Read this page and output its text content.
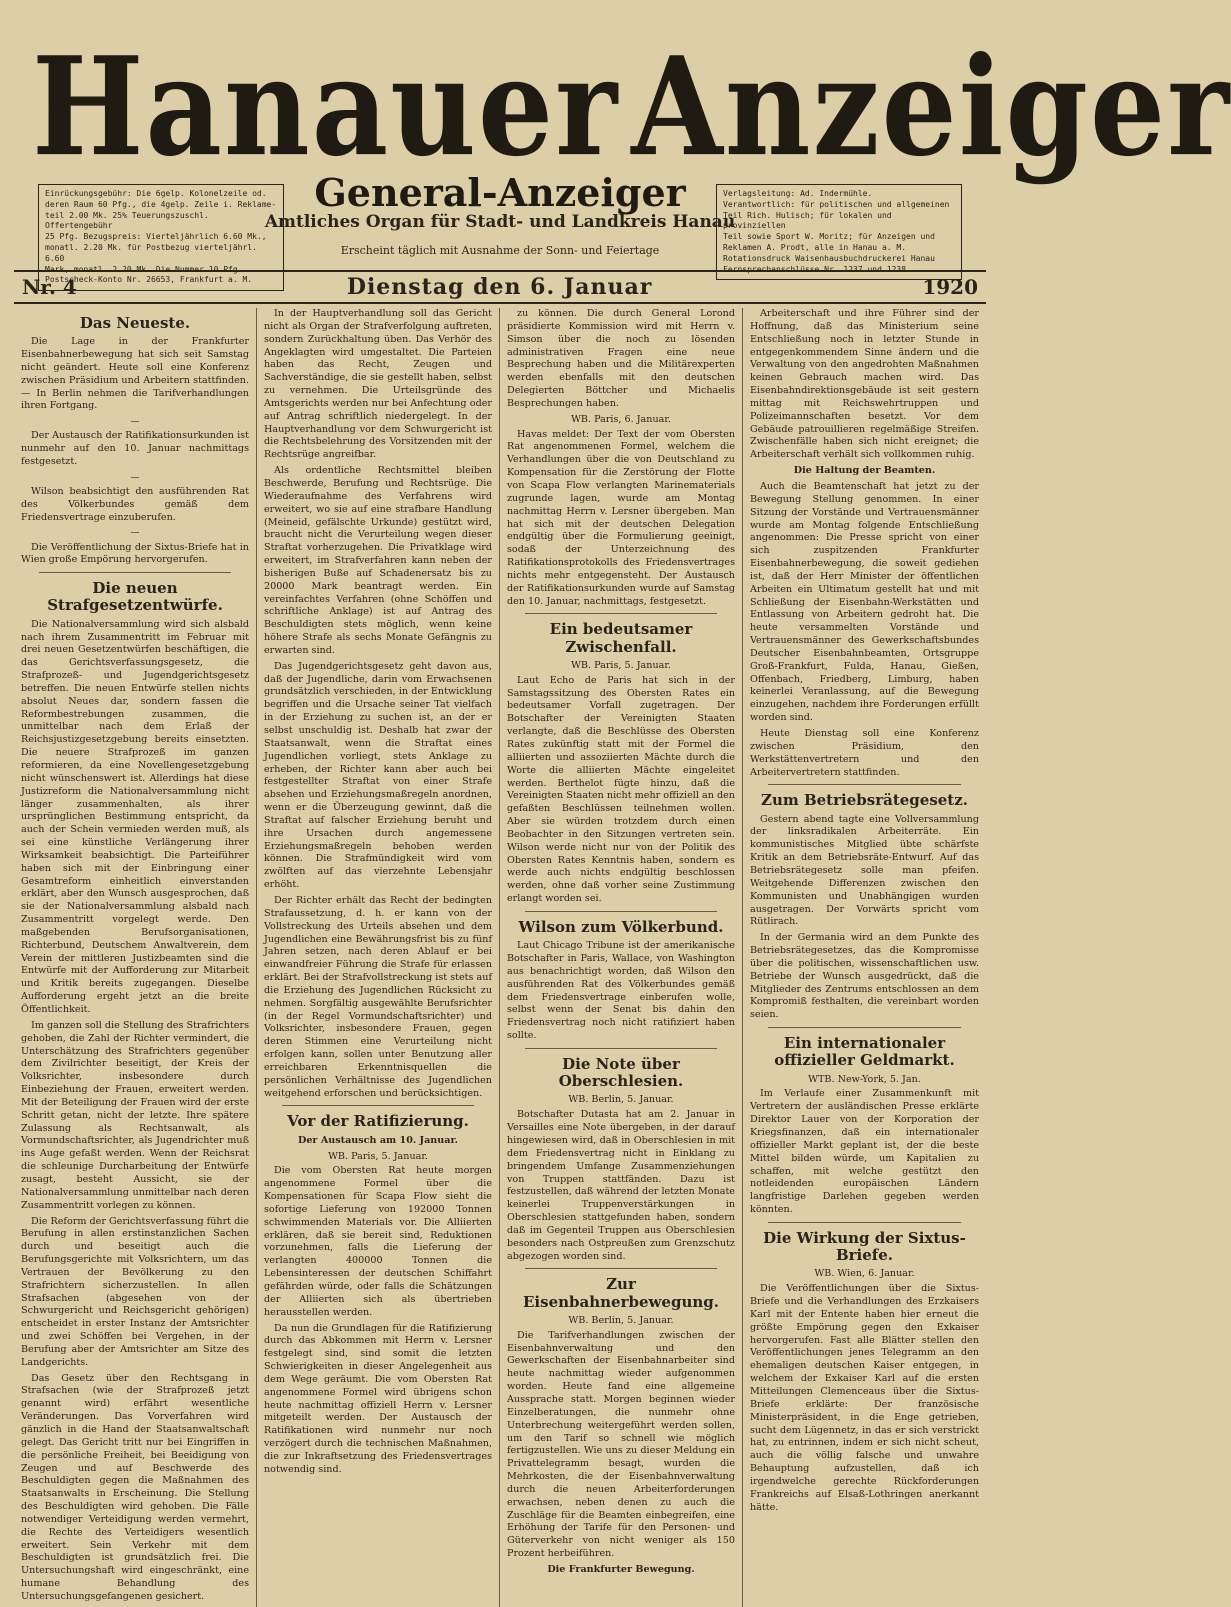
Hanauer Anzeiger
Einrückungsgebühr: Die 6gelp. Kolonelzeile od.
deren Raum 60 Pfg., die 4gelp. Zeile i. Reklame-
teil 2.00 Mk. 25% Teuerungszuschl. Offertengebühr
25 Pfg. Bezugspreis: Vierteljährlich 6.60 Mk.,
monatl. 2.20 Mk. für Postbezug vierteljährl. 6.60
Mark, monatl. 2.20 Mk. Die Nummer 10 Pfg.
Postscheck-Konto Nr. 26653, Frankfurt a. M.
General-Anzeiger
Amtliches Organ für Stadt- und Landkreis Hanau
Erscheint täglich mit Ausnahme der Sonn- und Feiertage
Verlagsleitung: Ad. Indermühle.
Verantwortlich: für politischen und allgemeinen
Teil Rich. Hulisch; für lokalen und provinziellen
Teil sowie Sport W. Moritz; für Anzeigen und
Reklamen A. Prodt, alle in Hanau a. M.
Rotationsdruck Waisenhausbuchdruckerei Hanau
Fernsprechanschlüsse Nr. 1237 und 1238
Nr. 4	Dienstag den 6. Januar	1920
Das Neueste.

Die Lage in der Frankfurter Eisenbahnerbewegung hat sich seit Samstag nicht geändert. Heute soll eine Konferenz zwischen Präsidium und Arbeitern stattfinden. — In Berlin nehmen die Tarifverhandlungen ihren Fortgang.

—

Der Austausch der Ratifikationsurkunden ist nunmehr auf den 10. Januar nachmittags festgesetzt.

—

Wilson beabsichtigt den ausführenden Rat des Völkerbundes gemäß dem Friedensvertrage einzuberufen.

—

Die Veröffentlichung der Sixtus-Briefe hat in Wien große Empörung hervorgerufen.

Die neuen Strafgesetzentwürfe.

Die Nationalversammlung wird sich alsbald nach ihrem Zusammentritt im Februar mit drei neuen Gesetzentwürfen beschäftigen, die das Gerichtsverfassungsgesetz, die Strafprozeß- und Jugendgerichtsgesetz betreffen. Die neuen Entwürfe stellen nichts absolut Neues dar, sondern fassen die Reformbestrebungen zusammen, die unmittelbar nach dem Erlaß der Reichsjustizgesetzgebung bereits einsetzten. Die neuere Strafprozeß im ganzen reformieren, da eine Novellengesetzgebung nicht wünschenswert ist. Allerdings hat diese Justizreform die Nationalversammlung nicht länger zusammenhalten, als ihrer ursprünglichen Bestimmung entspricht, da auch der Schein vermieden werden muß, als sei eine künstliche Verlängerung ihrer Wirksamkeit beabsichtigt. Die Parteiführer haben sich mit der Einbringung einer Gesamtreform einheitlich einverstanden erklärt, aber den Wunsch ausgesprochen, daß sie der Nationalversammlung alsbald nach Zusammentritt vorgelegt werde. Den maßgebenden Berufsorganisationen, Richterbund, Deutschem Anwaltverein, dem Verein der mittleren Justizbeamten sind die Entwürfe mit der Aufforderung zur Mitarbeit und Kritik bereits zugegangen. Dieselbe Aufforderung ergeht jetzt an die breite Öffentlichkeit.

Im ganzen soll die Stellung des Strafrichters gehoben, die Zahl der Richter vermindert, die Unterschätzung des Strafrichters gegenüber dem Zivilrichter beseitigt, der Kreis der Volksrichter, insbesondere durch Einbeziehung der Frauen, erweitert werden. Mit der Beteiligung der Frauen wird der erste Schritt getan, nicht der letzte. Ihre spätere Zulassung als Rechtsanwalt, als Vormundschaftsrichter, als Jugendrichter muß ins Auge gefaßt werden. Wenn der Reichsrat die schleunige Durcharbeitung der Entwürfe zusagt, besteht Aussicht, sie der Nationalversammlung unmittelbar nach deren Zusammentritt vorlegen zu können.

Die Reform der Gerichtsverfassung führt die Berufung in allen erstinstanzlichen Sachen durch und beseitigt auch die Berufungsgerichte mit Volksrichtern, um das Vertrauen der Bevölkerung zu den Strafrichtern sicherzustellen. In allen Strafsachen (abgesehen von der Schwurgericht und Reichsgericht gehörigen) entscheidet in erster Instanz der Amtsrichter und zwei Schöffen bei Vergehen, in der Berufung aber der Amtsrichter am Sitze des Landgerichts.

Das Gesetz über den Rechtsgang in Strafsachen (wie der Strafprozeß jetzt genannt wird) erfährt wesentliche Veränderungen. Das Vorverfahren wird gänzlich in die Hand der Staatsanwaltschaft gelegt. Das Gericht tritt nur bei Eingriffen in die persönliche Freiheit, bei Beeidigung von Zeugen und auf Beschwerde des Beschuldigten gegen die Maßnahmen des Staatsanwalts in Erscheinung. Die Stellung des Beschuldigten wird gehoben. Die Fälle notwendiger Verteidigung werden vermehrt, die Rechte des Verteidigers wesentlich erweitert. Sein Verkehr mit dem Beschuldigten ist grundsätzlich frei. Die Untersuchungshaft wird eingeschränkt, eine humane Behandlung des Untersuchungsgefangenen gesichert.

In der Hauptverhandlung soll das Gericht nicht als Organ der Strafverfolgung auftreten, sondern Zurückhaltung üben. Das Verhör des Angeklagten wird umgestaltet. Die Parteien haben das Recht, Zeugen und Sachverständige, die sie gestellt haben, selbst zu vernehmen. Die Urteilsgründe des Amtsgerichts werden nur bei Anfechtung oder auf Antrag schriftlich niedergelegt. In der Hauptverhandlung vor dem Schwurgericht ist die Rechtsbelehrung des Vorsitzenden mit der Rechtsrüge angreifbar.

Als ordentliche Rechtsmittel bleiben Beschwerde, Berufung und Rechtsrüge. Die Wiederaufnahme des Verfahrens wird erweitert, wo sie auf eine strafbare Handlung (Meineid, gefälschte Urkunde) gestützt wird, braucht nicht die Verurteilung wegen dieser Straftat vorherzugehen. Die Privatklage wird erweitert, im Strafverfahren kann neben der bisherigen Buße auf Schadenersatz bis zu 20000 Mark beantragt werden. Ein vereinfachtes Verfahren (ohne Schöffen und schriftliche Anklage) ist auf Antrag des Beschuldigten stets möglich, wenn keine höhere Strafe als sechs Monate Gefängnis zu erwarten sind.

Das Jugendgerichtsgesetz geht davon aus, daß der Jugendliche, darin vom Erwachsenen grundsätzlich verschieden, in der Entwicklung begriffen und die Ursache seiner Tat vielfach in der Erziehung zu suchen ist, an der er selbst unschuldig ist. Deshalb hat zwar der Staatsanwalt, wenn die Straftat eines Jugendlichen vorliegt, stets Anklage zu erheben, der Richter kann aber auch bei festgestellter Straftat von einer Strafe absehen und Erziehungsmaßregeln anordnen, wenn er die Überzeugung gewinnt, daß die Straftat auf falscher Erziehung beruht und ihre Ursachen durch angemessene Erziehungsmaßregeln behoben werden können. Die Strafmündigkeit wird vom zwölften auf das vierzehnte Lebensjahr erhöht.

Der Richter erhält das Recht der bedingten Strafaussetzung, d. h. er kann von der Vollstreckung des Urteils absehen und dem Jugendlichen eine Bewährungsfrist bis zu fünf Jahren setzen, nach deren Ablauf er bei einwandfreier Führung die Strafe für erlassen erklärt. Bei der Strafvollstreckung ist stets auf die Erziehung des Jugendlichen Rücksicht zu nehmen. Sorgfältig ausgewählte Berufsrichter (in der Regel Vormundschaftsrichter) und Volksrichter, insbesondere Frauen, gegen deren Stimmen eine Verurteilung nicht erfolgen kann, sollen unter Benutzung aller erreichbaren Erkenntnisquellen die persönlichen Verhältnisse des Jugendlichen weitgehend erforschen und berücksichtigen.

Vor der Ratifizierung.
Der Austausch am 10. Januar.
WB. Paris, 5. Januar.

Die vom Obersten Rat heute morgen angenommene Formel über die Kompensationen für Scapa Flow sieht die sofortige Lieferung von 192000 Tonnen schwimmenden Materials vor. Die Alliierten erklären, daß sie bereit sind, Reduktionen vorzunehmen, falls die Lieferung der verlangten 400000 Tonnen die Lebensinteressen der deutschen Schiffahrt gefährden würde, oder falls die Schätzungen der Alliierten sich als übertrieben herausstellen werden.

Da nun die Grundlagen für die Ratifizierung durch das Abkommen mit Herrn v. Lersner festgelegt sind, sind somit die letzten Schwierigkeiten in dieser Angelegenheit aus dem Wege geräumt. Die vom Obersten Rat angenommene Formel wird übrigens schon heute nachmittag offiziell Herrn v. Lersner mitgeteilt werden. Der Austausch der Ratifikationen wird nunmehr nur noch verzögert durch die technischen Maßnahmen, die zur Inkraftsetzung des Friedensvertrages notwendig sind.

zu können. Die durch General Lorond präsidierte Kommission wird mit Herrn v. Simson über die noch zu lösenden administrativen Fragen eine neue Besprechung haben und die Militärexperten werden ebenfalls mit den deutschen Delegierten Böttcher und Michaelis Besprechungen haben.

WB. Paris, 6. Januar.

Havas meldet: Der Text der vom Obersten Rat angenommenen Formel, welchem die Verhandlungen über die von Deutschland zu Kompensation für die Zerstörung der Flotte von Scapa Flow verlangten Marinematerials zugrunde lagen, wurde am Montag nachmittag Herrn v. Lersner übergeben. Man hat sich mit der deutschen Delegation endgültig über die Formulierung geeinigt, sodaß der Unterzeichnung des Ratifikationsprotokolls des Friedensvertrages nichts mehr entgegensteht. Der Austausch der Ratifikationsurkunden wurde auf Samstag den 10. Januar, nachmittags, festgesetzt.

Ein bedeutsamer Zwischenfall.
WB. Paris, 5. Januar.

Laut Echo de Paris hat sich in der Samstagssitzung des Obersten Rates ein bedeutsamer Vorfall zugetragen. Der Botschafter der Vereinigten Staaten verlangte, daß die Beschlüsse des Obersten Rates zukünftig statt mit der Formel die alliierten und assoziierten Mächte durch die Worte die alliierten Mächte eingeleitet werden. Berthelot fügte hinzu, daß die Vereinigten Staaten nicht mehr offiziell an den gefaßten Beschlüssen teilnehmen wollen. Aber sie würden trotzdem durch einen Beobachter in den Sitzungen vertreten sein. Wilson werde nicht nur von der Politik des Obersten Rates Kenntnis haben, sondern es werde auch nichts endgültig beschlossen werden, ohne daß vorher seine Zustimmung erlangt worden sei.

Wilson zum Völkerbund.

Laut Chicago Tribune ist der amerikanische Botschafter in Paris, Wallace, von Washington aus benachrichtigt worden, daß Wilson den ausführenden Rat des Völkerbundes gemäß dem Friedensvertrage einberufen wolle, selbst wenn der Senat bis dahin den Friedensvertrag noch nicht ratifiziert haben sollte.

Die Note über Oberschlesien.
WB. Berlin, 5. Januar.

Botschafter Dutasta hat am 2. Januar in Versailles eine Note übergeben, in der darauf hingewiesen wird, daß in Oberschlesien in mit dem Friedensvertrag nicht in Einklang zu bringendem Umfange Zusammenziehungen von Truppen stattfänden. Dazu ist festzustellen, daß während der letzten Monate keinerlei Truppenverstärkungen in Oberschlesien stattgefunden haben, sondern daß im Gegenteil Truppen aus Oberschlesien besonders nach Ostpreußen zum Grenzschutz abgezogen worden sind.

Zur Eisenbahnerbewegung.
WB. Berlin, 5. Januar.

Die Tarifverhandlungen zwischen der Eisenbahnverwaltung und den Gewerkschaften der Eisenbahnarbeiter sind heute nachmittag wieder aufgenommen worden. Heute fand eine allgemeine Aussprache statt. Morgen beginnen wieder Einzelberatungen, die nunmehr ohne Unterbrechung weitergeführt werden sollen, um den Tarif so schnell wie möglich fertigzustellen. Wie uns zu dieser Meldung ein Privattelegramm besagt, wurden die Mehrkosten, die der Eisenbahnverwaltung durch die neuen Arbeiterforderungen erwachsen, neben denen zu auch die Zuschläge für die Beamten einbegreifen, eine Erhöhung der Tarife für den Personen- und Güterverkehr von nicht weniger als 150 Prozent herbeiführen.

Die Frankfurter Bewegung.

Arbeiterschaft und ihre Führer sind der Hoffnung, daß das Ministerium seine Entschließung noch in letzter Stunde in entgegenkommendem Sinne ändern und die Verwaltung von den angedrohten Maßnahmen keinen Gebrauch machen wird. Das Eisenbahndirektionsgebäude ist seit gestern mittag mit Reichswehrtruppen und Polizeimannschaften besetzt. Vor dem Gebäude patrouillieren regelmäßige Streifen. Zwischenfälle haben sich nicht ereignet; die Arbeiterschaft verhält sich vollkommen ruhig.

Die Haltung der Beamten.

Auch die Beamtenschaft hat jetzt zu der Bewegung Stellung genommen. In einer Sitzung der Vorstände und Vertrauensmänner wurde am Montag folgende Entschließung angenommen: Die Presse spricht von einer sich zuspitzenden Frankfurter Eisenbahnerbewegung, die soweit gediehen ist, daß der Herr Minister der öffentlichen Arbeiten ein Ultimatum gestellt hat und mit Schließung der Eisenbahn-Werkstätten und Entlassung von Arbeitern gedroht hat. Die heute versammelten Vorstände und Vertrauensmänner des Gewerkschaftsbundes Deutscher Eisenbahnbeamten, Ortsgruppe Groß-Frankfurt, Fulda, Hanau, Gießen, Offenbach, Friedberg, Limburg, haben keinerlei Veranlassung, auf die Bewegung einzugehen, nachdem ihre Forderungen erfüllt worden sind.

Heute Dienstag soll eine Konferenz zwischen Präsidium, den Werkstättenvertretern und den Arbeitervertretern stattfinden.

Zum Betriebsrätegesetz.

Gestern abend tagte eine Vollversammlung der linksradikalen Arbeiterräte. Ein kommunistisches Mitglied übte schärfste Kritik an dem Betriebsräte-Entwurf. Auf das Betriebsrätegesetz solle man pfeifen. Weitgehende Differenzen zwischen den Kommunisten und Unabhängigen wurden ausgetragen. Der Vorwärts spricht vom Rütlirach.

In der Germania wird an dem Punkte des Betriebsrätegesetzes, das die Kompromisse über die politischen, wissenschaftlichen usw. Betriebe der Wunsch ausgedrückt, daß die Mitglieder des Zentrums entschlossen an dem Kompromiß festhalten, die vereinbart worden seien.

Ein internationaler offizieller Geldmarkt.
WTB. New-York, 5. Jan.

Im Verlaufe einer Zusammenkunft mit Vertretern der ausländischen Presse erklärte Direktor Lauer von der Korporation der Kriegsfinanzen, daß ein internationaler offizieller Markt geplant ist, der die beste Mittel bilden würde, um Kapitalien zu schaffen, mit welche gestützt den notleidenden europäischen Ländern langfristige Darlehen gegeben werden könnten.

Die Wirkung der Sixtus-Briefe.
WB. Wien, 6. Januar.

Die Veröffentlichungen über die Sixtus-Briefe und die Verhandlungen des Erzkaisers Karl mit der Entente haben hier erneut die größte Empörung gegen den Exkaiser hervorgerufen. Fast alle Blätter stellen den Veröffentlichungen jenes Telegramm an den ehemaligen deutschen Kaiser entgegen, in welchem der Exkaiser Karl auf die ersten Mitteilungen Clemenceaus über die Sixtus-Briefe erklärte: Der französische Ministerpräsident, in die Enge getrieben, sucht dem Lügennetz, in das er sich verstrickt hat, zu entrinnen, indem er sich nicht scheut, auch die völlig falsche und unwahre Behauptung aufzustellen, daß ich irgendwelche gerechte Rückforderungen Frankreichs auf Elsaß-Lothringen anerkannt hätte.
